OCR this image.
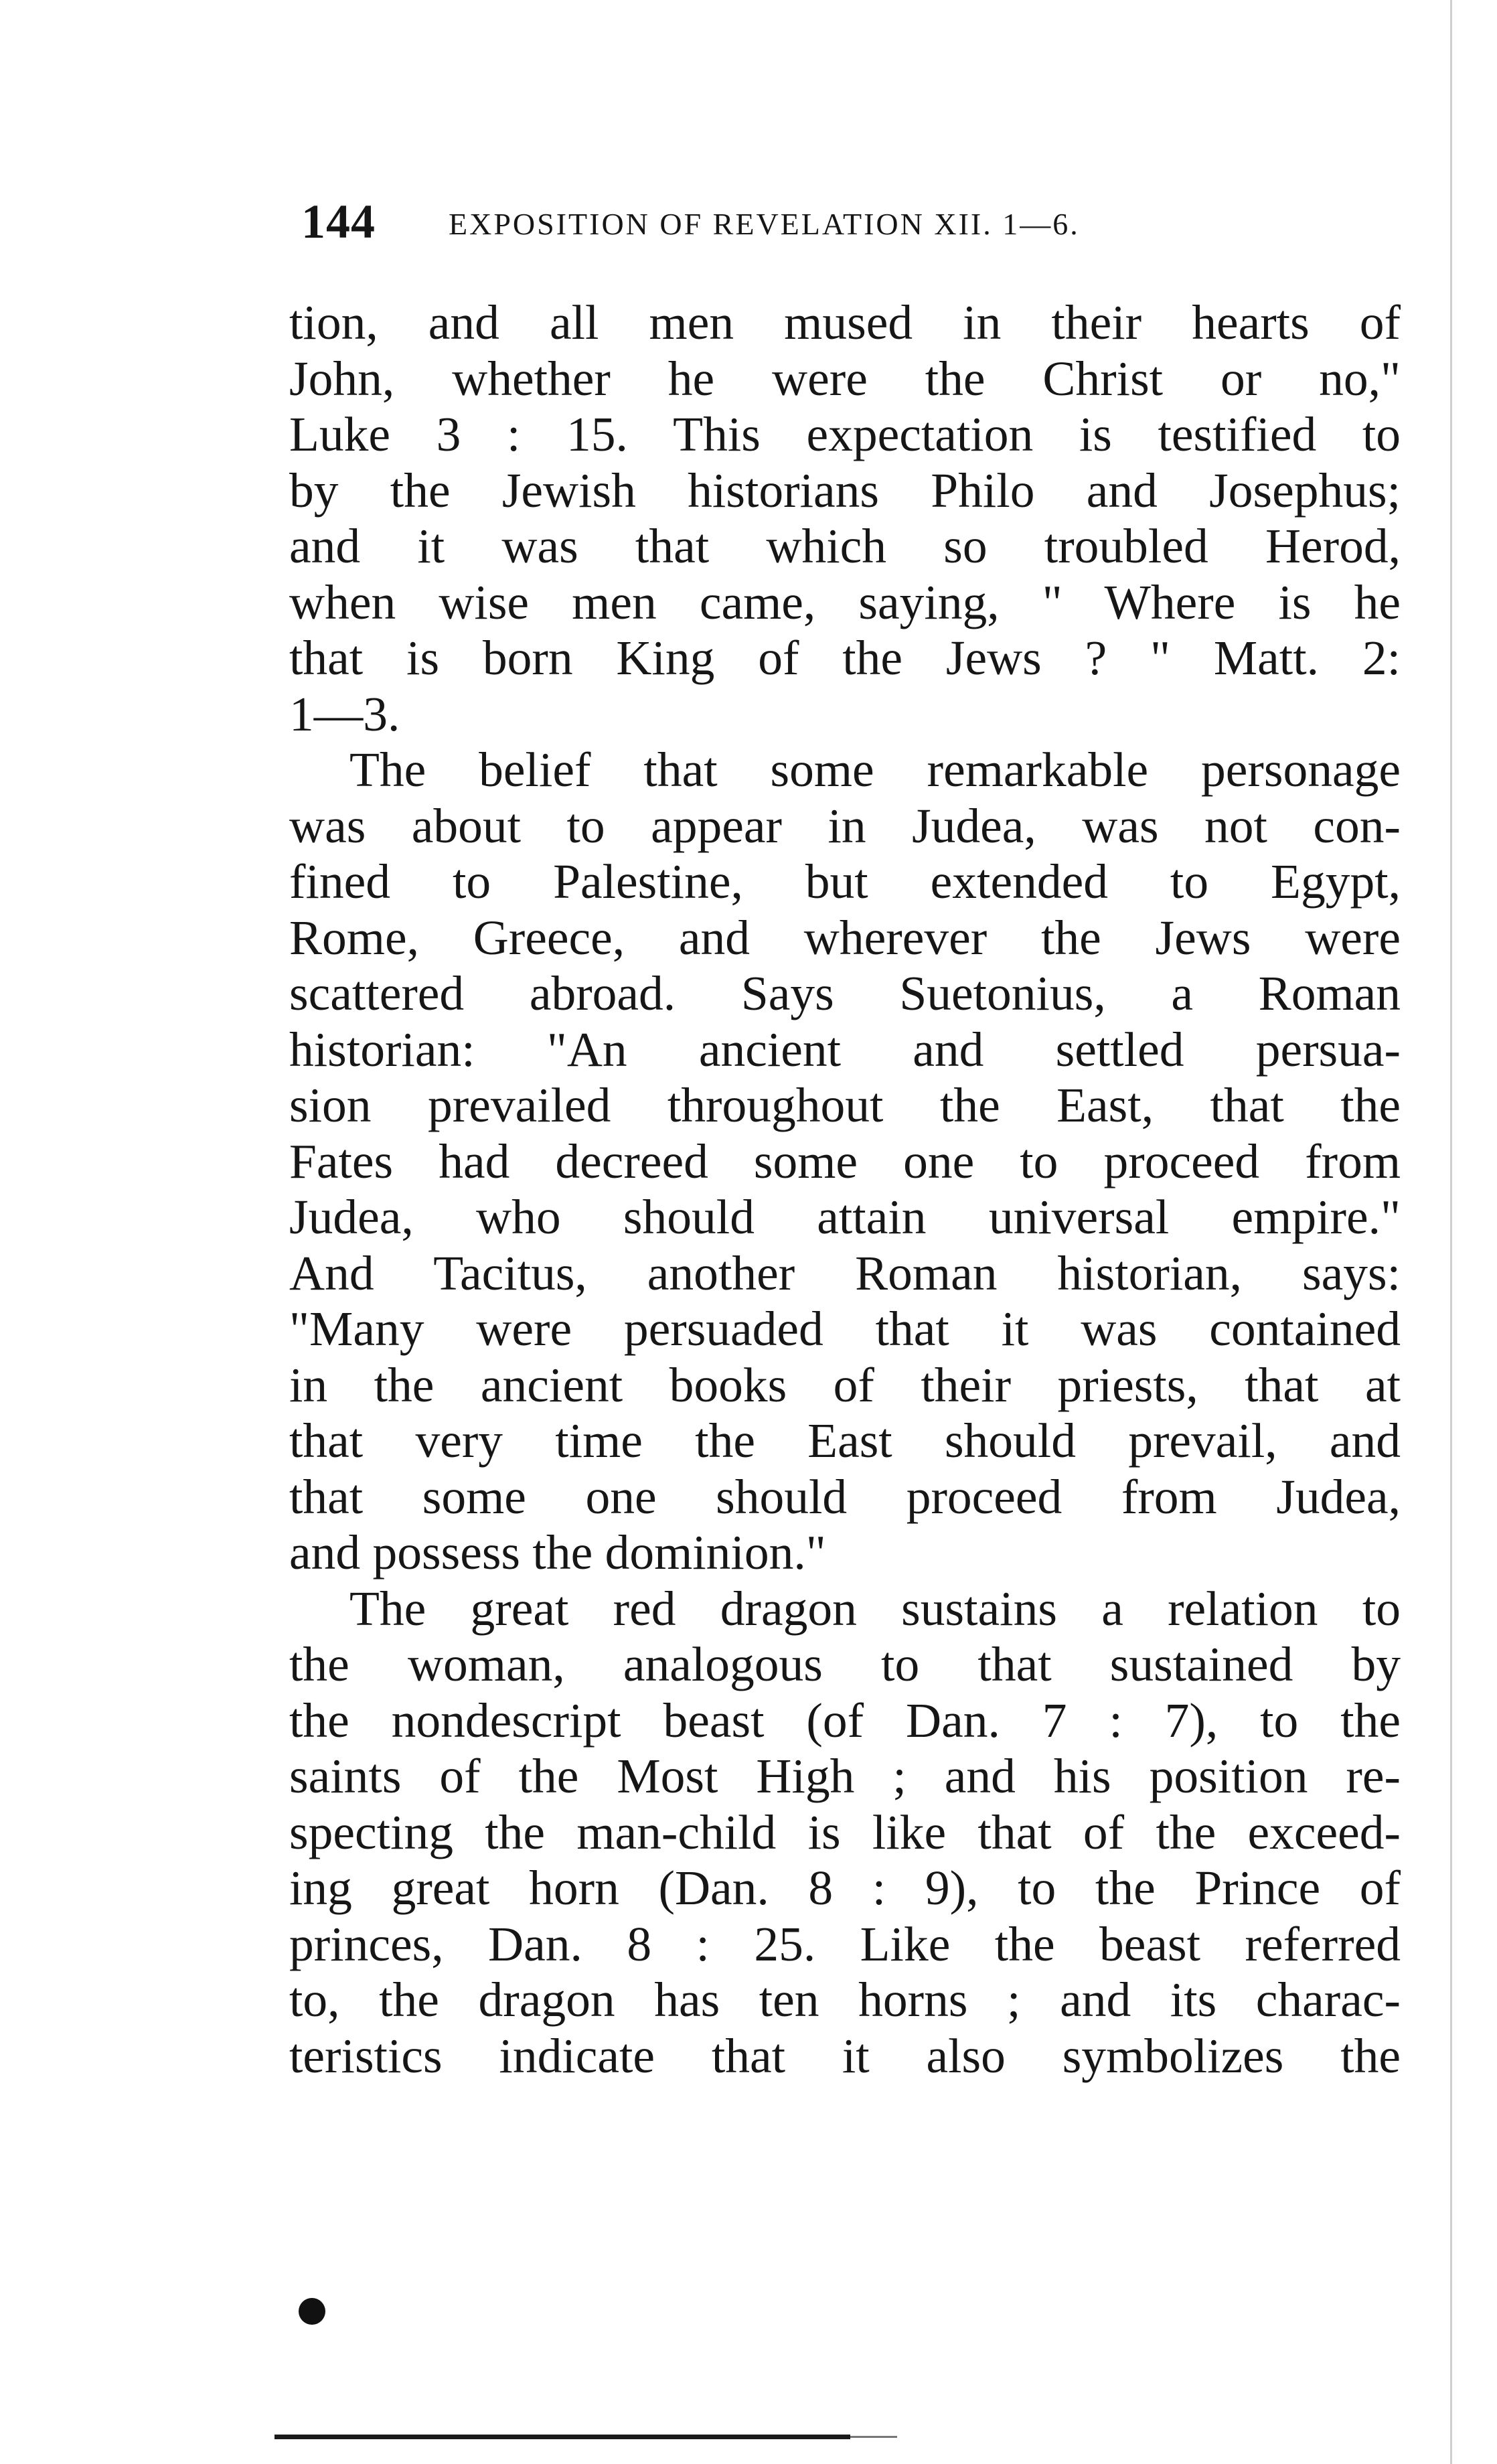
144 EXPOSITION OF REVELATION XII. 1—6.
tion, and all men mused in their hearts of
John, whether he were the Christ or no,"
Luke 3 : 15. This expectation is testified to
by the Jewish historians Philo and Josephus;
and it was that which so troubled Herod,
when wise men came, saying, " Where is he
that is born King of the Jews ? " Matt. 2:
1—3.
The belief that some remarkable personage
was about to appear in Judea, was not con-
fined to Palestine, but extended to Egypt,
Rome, Greece, and wherever the Jews were
scattered abroad. Says Suetonius, a Roman
historian: "An ancient and settled persua-
sion prevailed throughout the East, that the
Fates had decreed some one to proceed from
Judea, who should attain universal empire."
And Tacitus, another Roman historian, says:
"Many were persuaded that it was contained
in the ancient books of their priests, that at
that very time the East should prevail, and
that some one should proceed from Judea,
and possess the dominion."
The great red dragon sustains a relation to
the woman, analogous to that sustained by
the nondescript beast (of Dan. 7 : 7), to the
saints of the Most High ; and his position re-
specting the man-child is like that of the exceed-
ing great horn (Dan. 8 : 9), to the Prince of
princes, Dan. 8 : 25. Like the beast referred
to, the dragon has ten horns ; and its charac-
teristics indicate that it also symbolizes the
